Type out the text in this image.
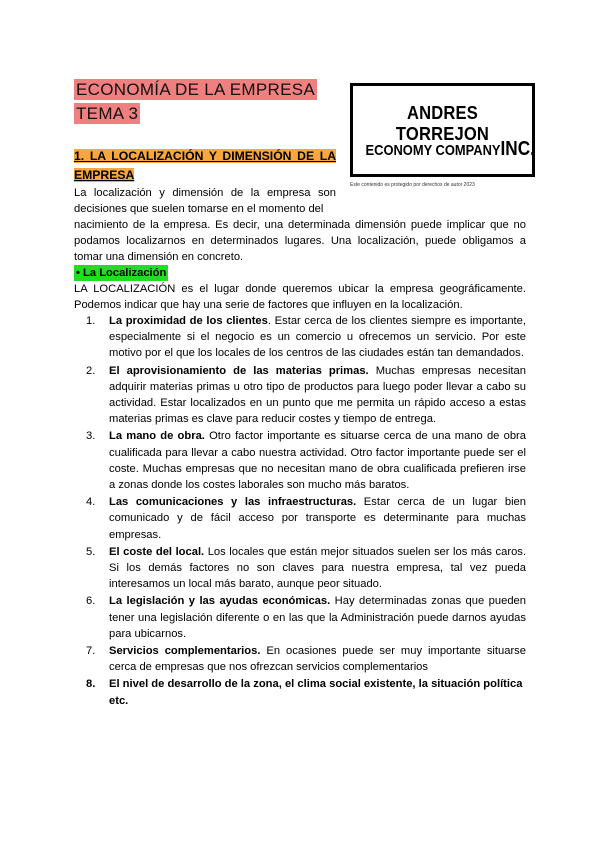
ECONOMÍA DE LA EMPRESA
TEMA 3	ANDRES TORREJON
ECONOMY COMPANYINC.
Este contenido es protegido por derechos de autor 2023
1. LA LOCALIZACIÓN Y DIMENSIÓN DE LA EMPRESA
La localización y dimensión de la empresa son decisiones que suelen tomarse en el momento del
nacimiento de la empresa. Es decir, una determinada dimensión puede implicar que no podamos localizarnos en determinados lugares. Una localización, puede obligamos a tomar una dimensión en concreto.
• La Localización
LA LOCALIZACIÓN es el lugar donde queremos ubicar la empresa geográficamente. Podemos indicar que hay una serie de factores que influyen en la localización.
1.	La proximidad de los clientes. Estar cerca de los clientes siempre es importante, especialmente si el negocio es un comercio u ofrecemos un servicio. Por este motivo por el que los locales de los centros de las ciudades están tan demandados.
2.	El aprovisionamiento de las materias primas. Muchas empresas necesitan adquirir materias primas u otro tipo de productos para luego poder llevar a cabo su actividad. Estar localizados en un punto que me permita un rápido acceso a estas materias primas es clave para reducir costes y tiempo de entrega.
3.	La mano de obra. Otro factor importante es situarse cerca de una mano de obra cualificada para llevar a cabo nuestra actividad. Otro factor importante puede ser el coste. Muchas empresas que no necesitan mano de obra cualificada prefieren irse a zonas donde los costes laborales son mucho más baratos.
4.	Las comunicaciones y las infraestructuras. Estar cerca de un lugar bien comunicado y de fácil acceso por transporte es determinante para muchas empresas.
5.	El coste del local. Los locales que están mejor situados suelen ser los más caros. Si los demás factores no son claves para nuestra empresa, tal vez pueda interesamos un local más barato, aunque peor situado.
6.	La legislación y las ayudas económicas. Hay determinadas zonas que pueden tener una legislación diferente o en las que la Administración puede darnos ayudas para ubicarnos.
7.	Servicios complementarios. En ocasiones puede ser muy importante situarse cerca de empresas que nos ofrezcan servicios complementarios
8.	El nivel de desarrollo de la zona, el clima social existente, la situación política etc.
